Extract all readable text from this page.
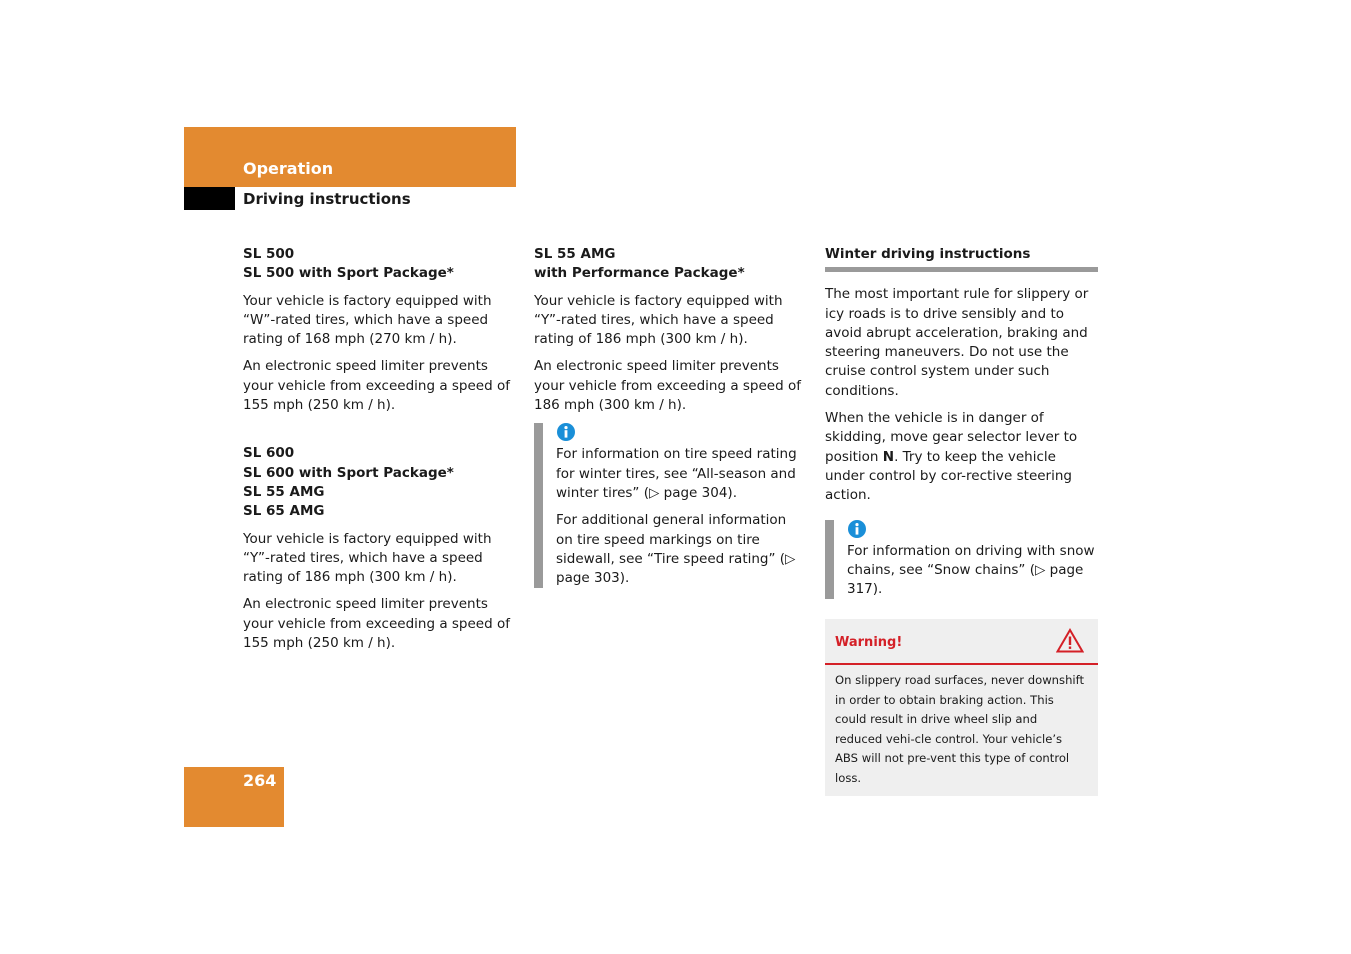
Operation
Driving instructions
SL 500
SL 500 with Sport Package*

Your vehicle is factory equipped with “W”-rated tires, which have a speed rating of 168 mph (270 km / h).

An electronic speed limiter prevents your vehicle from exceeding a speed of 155 mph (250 km / h).

SL 600
SL 600 with Sport Package*
SL 55 AMG
SL 65 AMG

Your vehicle is factory equipped with “Y”-rated tires, which have a speed rating of 186 mph (300 km / h).

An electronic speed limiter prevents your vehicle from exceeding a speed of 155 mph (250 km / h).

SL 55 AMG
with Performance Package*

Your vehicle is factory equipped with “Y”-rated tires, which have a speed rating of 186 mph (300 km / h).

An electronic speed limiter prevents your vehicle from exceeding a speed of 186 mph (300 km / h).

For information on tire speed rating for winter tires, see “All-season and winter tires” (▷ page 304).

For additional general information on tire speed markings on tire sidewall, see “Tire speed rating” (▷ page 303).

Winter driving instructions

The most important rule for slippery or icy roads is to drive sensibly and to avoid abrupt acceleration, braking and steering maneuvers. Do not use the cruise control system under such conditions.

When the vehicle is in danger of skidding, move gear selector lever to position N. Try to keep the vehicle under control by cor-rective steering action.

For information on driving with snow chains, see “Snow chains” (▷ page 317).

Warning!
On slippery road surfaces, never downshift in order to obtain braking action. This could result in drive wheel slip and reduced vehi-cle control. Your vehicle’s ABS will not pre-vent this type of control loss.
264
